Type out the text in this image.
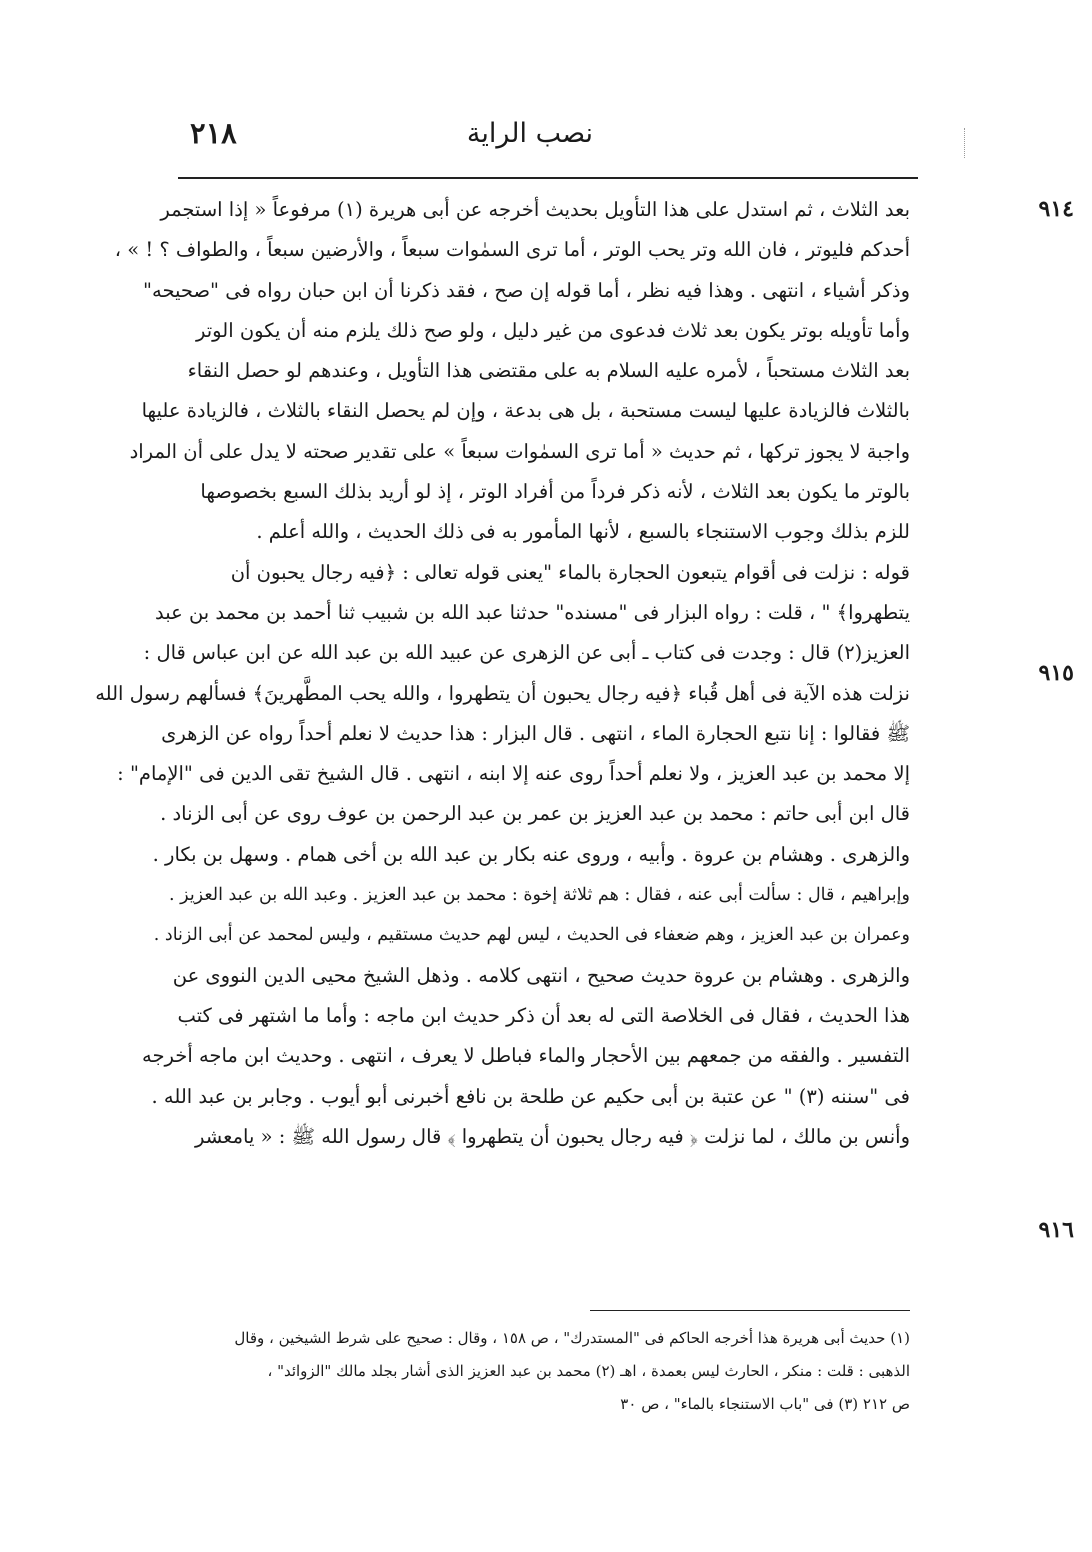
٢١٨	نصب الراية
بعد الثلاث ، ثم استدل على هذا التأويل بحديث أخرجه عن أبى هريرة (١) مرفوعاً « إذا استجمر
أحدكم فليوتر ، فان الله وتر يحب الوتر ، أما ترى السمٰوات سبعاً ، والأرضين سبعاً ، والطواف ؟ ! » ،
وذكر أشياء ، انتهى . وهذا فيه نظر ، أما قوله إن صح ، فقد ذكرنا أن ابن حبان رواه فى "صحيحه"
وأما تأويله بوتر يكون بعد ثلاث فدعوى من غير دليل ، ولو صح ذلك يلزم منه أن يكون الوتر
بعد الثلاث مستحباً ، لأمره عليه السلام به على مقتضى هذا التأويل ، وعندهم لو حصل النقاء
بالثلاث فالزيادة عليها ليست مستحبة ، بل هى بدعة ، وإن لم يحصل النقاء بالثلاث ، فالزيادة عليها
واجبة لا يجوز تركها ، ثم حديث « أما ترى السمٰوات سبعاً » على تقدير صحته لا يدل على أن المراد
بالوتر ما يكون بعد الثلاث ، لأنه ذكر فرداً من أفراد الوتر ، إذ لو أريد بذلك السبع بخصوصها
للزم بذلك وجوب الاستنجاء بالسبع ، لأنها المأمور به فى ذلك الحديث ، والله أعلم .
قوله : نزلت فى أقوام يتبعون الحجارة بالماء "يعنى قوله تعالى : ﴿فيه رجال يحبون أن
يتطهروا﴾ " ، قلت : رواه البزار فى "مسنده" حدثنا عبد الله بن شبيب ثنا أحمد بن محمد بن عبد
العزيز(٢) قال : وجدت فى كتاب ـ أبى عن الزهرى عن عبيد الله بن عبد الله عن ابن عباس قال :
نزلت هذه الآية فى أهل قُباء ﴿فيه رجال يحبون أن يتطهروا ، والله يحب المطَّهرينَ﴾ فسألهم رسول الله
ﷺ فقالوا : إنا نتبع الحجارة الماء ، انتهى . قال البزار : هذا حديث لا نعلم أحداً رواه عن الزهرى
إلا محمد بن عبد العزيز ، ولا نعلم أحداً روى عنه إلا ابنه ، انتهى . قال الشيخ تقى الدين فى "الإمام" :
قال ابن أبى حاتم : محمد بن عبد العزيز بن عمر بن عبد الرحمن بن عوف روى عن أبى الزناد .
والزهرى . وهشام بن عروة . وأبيه ، وروى عنه بكار بن عبد الله بن أخى همام . وسهل بن بكار .
وإبراهيم ، قال : سألت أبى عنه ، فقال : هم ثلاثة إخوة : محمد بن عبد العزيز . وعبد الله بن عبد العزيز .
وعمران بن عبد العزيز ، وهم ضعفاء فى الحديث ، ليس لهم حديث مستقيم ، وليس لمحمد عن أبى الزناد .
والزهرى . وهشام بن عروة حديث صحيح ، انتهى كلامه . وذهل الشيخ محيى الدين النووى عن
هذا الحديث ، فقال فى الخلاصة التى له بعد أن ذكر حديث ابن ماجه : وأما ما اشتهر فى كتب
التفسير . والفقه من جمعهم بين الأحجار والماء فباطل لا يعرف ، انتهى . وحديث ابن ماجه أخرجه
فى "سننه (٣) " عن عتبة بن أبى حكيم عن طلحة بن نافع أخبرنى أبو أيوب . وجابر بن عبد الله .
وأنس بن مالك ، لما نزلت ﴿ فيه رجال يحبون أن يتطهروا ﴾ قال رسول الله ﷺ : « يامعشر
٩١٤
٩١٥
٩١٦
(١) حديث أبى هريرة هذا أخرجه الحاكم فى "المستدرك" ، ص ١٥٨ ، وقال : صحيح على شرط الشيخين ، وقال
الذهبى : قلت : منكر ، الحارث ليس بعمدة ، اهـ (٢) محمد بن عبد العزيز الذى أشار بجلد مالك "الزوائد" ،
ص ٢١٢ (٣) فى "باب الاستنجاء بالماء" ، ص ٣٠
